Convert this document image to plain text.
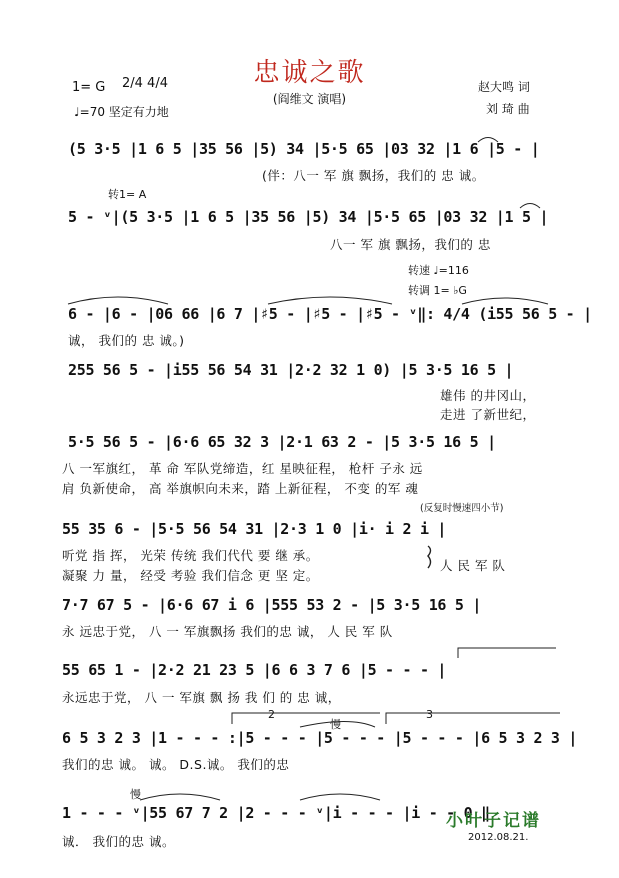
忠诚之歌
(阎维文 演唱)
1= G 2/4 4/4
♩=70 坚定有力地
赵大鸣 词
刘 琦 曲
(5 3·5 |1 6 5 |35 56 |5) 34 |5·5 65 |03 32 |1 6 |5 - |
(伴：八一 军 旗 飘扬，我们的 忠 诚。
转1= A
5 - ᵛ|(5 3·5 |1 6 5 |35 56 |5) 34 |5·5 65 |03 32 |1 5 |
八一 军 旗 飘扬，我们的 忠
转速 ♩=116
转调 1= ♭G
6 - |6 - |06 66 |6 7 |♯5 - |♯5 - |♯5 - ᵛ‖: 4/4 (i55 56 5 - |
诚， 我们的 忠 诚。)
255 56 5 - |i55 56 54 31 |2·2 32 1 0) |5 3·5 16 5 |
雄伟 的井冈山，
走进 了新世纪，
5·5 56 5 - |6·6 65 32 3 |2·1 63 2 - |5 3·5 16 5 |
八 一军旗红， 革 命 军队党缔造，红 星映征程， 枪杆 子永 远
肩 负新使命， 高 举旗帜向未来，踏 上新征程， 不变 的军 魂
(反复时慢速四小节)
55 35 6 - |5·5 56 54 31 |2·3 1 0 |i· i 2 i |
听党 指 挥， 光荣 传统 我们代代 要 继 承。
凝聚 力 量， 经受 考验 我们信念 更 坚 定。
人 民 军 队
7·7 67 5 - |6·6 67 i 6 |555 53 2 - |5 3·5 16 5 |
永 远忠于党， 八 一 军旗飘扬 我们的忠 诚， 人 民 军 队
55 65 1 - |2·2 21 23 5 |6 6 3 7 6 |5 - - - |
永远忠于党， 八 一 军旗 飘 扬 我 们 的 忠 诚，
2
慢
3
6 5 3 2 3 |1 - - - :|5 - - - |5 - - - |5 - - - |6 5 3 2 3 |
我们的忠 诚。 诚。 D.S.诚。 我们的忠
慢
1 - - - ᵛ|55 67 7 2 |2 - - - ᵛ|i - - - |i - - 0 ‖
诚． 我们的忠 诚。
小叶子记谱
2012.08.21.
